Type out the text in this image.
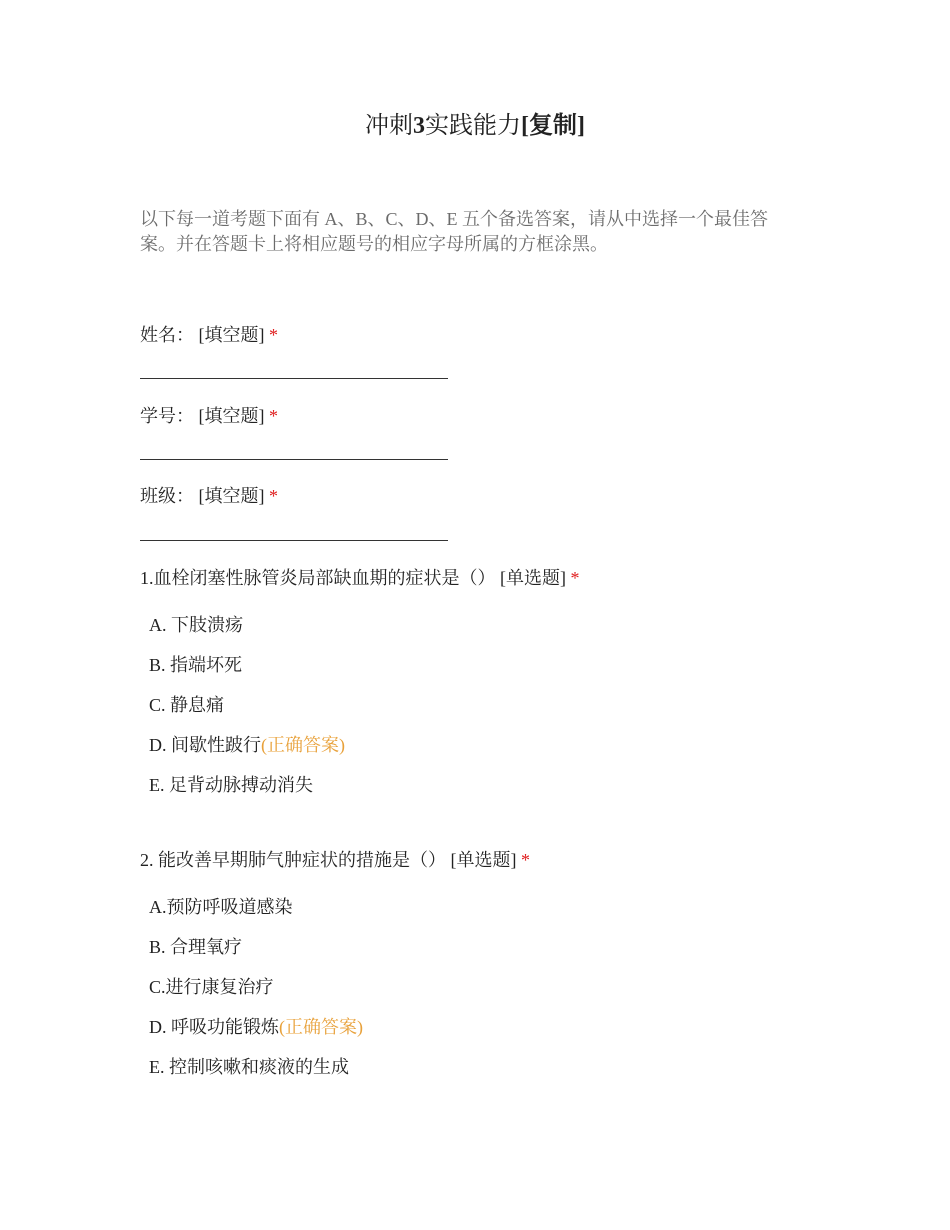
冲刺3实践能力[复制]
以下每一道考题下面有 A、B、C、D、E 五个备选答案，请从中选择一个最佳答案。并在答题卡上将相应题号的相应字母所属的方框涂黑。
姓名： [填空题] *
学号： [填空题] *
班级： [填空题] *
1.血栓闭塞性脉管炎局部缺血期的症状是（） [单选题] *
A. 下肢溃疡
B. 指端坏死
C. 静息痛
D. 间歇性跛行(正确答案)
E. 足背动脉搏动消失
2. 能改善早期肺气肿症状的措施是（） [单选题] *
A.预防呼吸道感染
B. 合理氧疗
C.进行康复治疗
D. 呼吸功能锻炼(正确答案)
E. 控制咳嗽和痰液的生成
